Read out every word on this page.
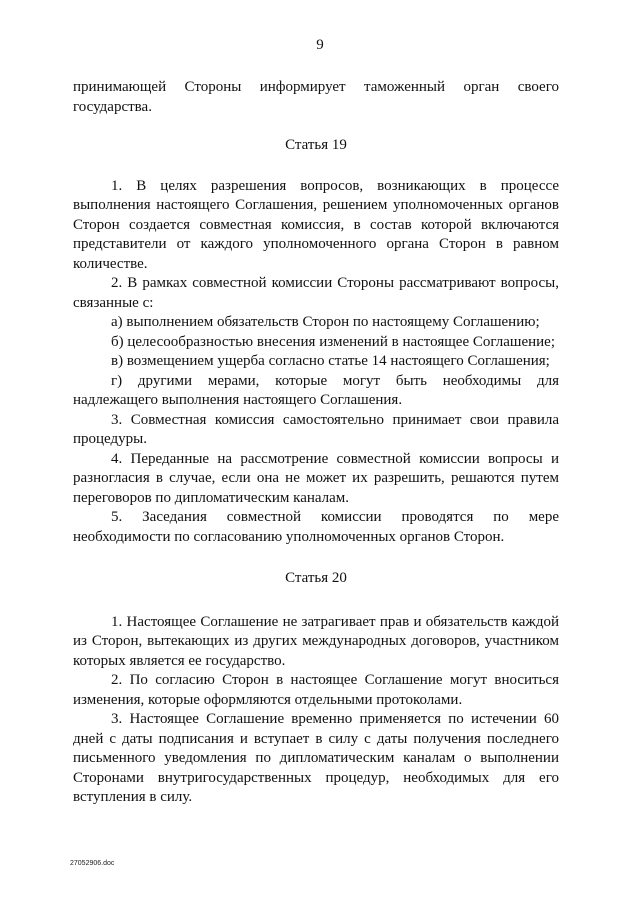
9

принимающей Стороны информирует таможенный орган своего государства.

Статья 19

1. В целях разрешения вопросов, возникающих в процессе выполнения настоящего Соглашения, решением уполномоченных органов Сторон создается совместная комиссия, в состав которой включаются представители от каждого уполномоченного органа Сторон в равном количестве.

2. В рамках совместной комиссии Стороны рассматривают вопросы, связанные с:

а) выполнением обязательств Сторон по настоящему Соглашению;

б) целесообразностью внесения изменений в настоящее Соглашение;

в) возмещением ущерба согласно статье 14 настоящего Соглашения;

г) другими мерами, которые могут быть необходимы для надлежащего выполнения настоящего Соглашения.

3. Совместная комиссия самостоятельно принимает свои правила процедуры.

4. Переданные на рассмотрение совместной комиссии вопросы и разногласия в случае, если она не может их разрешить, решаются путем переговоров по дипломатическим каналам.

5. Заседания совместной комиссии проводятся по мере необходимости по согласованию уполномоченных органов Сторон.

Статья 20

1. Настоящее Соглашение не затрагивает прав и обязательств каждой из Сторон, вытекающих из других международных договоров, участником которых является ее государство.

2. По согласию Сторон в настоящее Соглашение могут вноситься изменения, которые оформляются отдельными протоколами.

3. Настоящее Соглашение временно применяется по истечении 60 дней с даты подписания и вступает в силу с даты получения последнего письменного уведомления по дипломатическим каналам о выполнении Сторонами внутригосударственных процедур, необходимых для его вступления в силу.

27052906.doc
